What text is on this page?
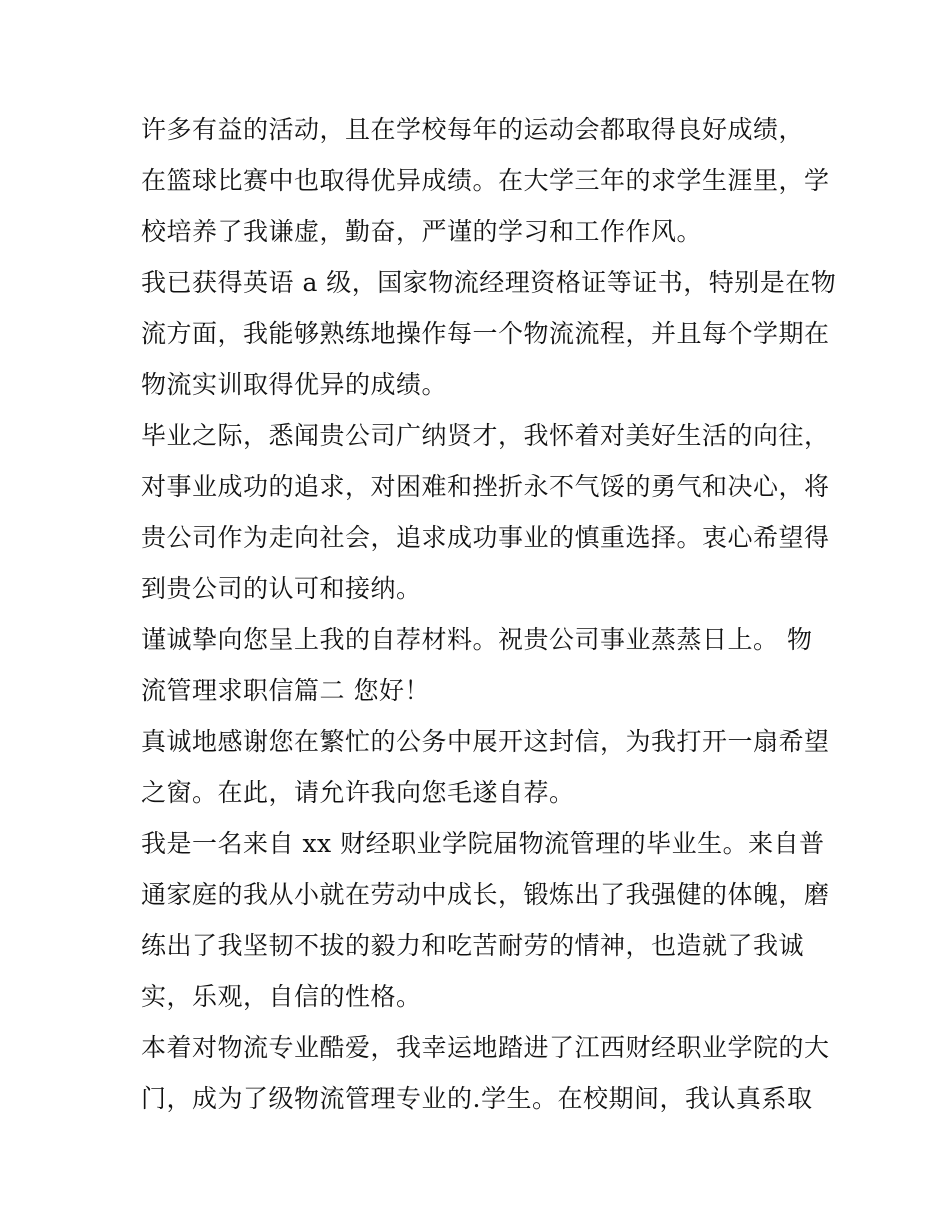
许多有益的活动，且在学校每年的运动会都取得良好成绩，
在篮球比赛中也取得优异成绩。在大学三年的求学生涯里，学
校培养了我谦虚，勤奋，严谨的学习和工作作风。
我已获得英语 a 级，国家物流经理资格证等证书，特别是在物
流方面，我能够熟练地操作每一个物流流程，并且每个学期在
物流实训取得优异的成绩。
毕业之际，悉闻贵公司广纳贤才，我怀着对美好生活的向往，
对事业成功的追求，对困难和挫折永不气馁的勇气和决心，将
贵公司作为走向社会，追求成功事业的慎重选择。衷心希望得
到贵公司的认可和接纳。
谨诚挚向您呈上我的自荐材料。祝贵公司事业蒸蒸日上。 物
流管理求职信篇二 您好！
真诚地感谢您在繁忙的公务中展开这封信，为我打开一扇希望
之窗。在此，请允许我向您毛遂自荐。
我是一名来自 xx 财经职业学院届物流管理的毕业生。来自普
通家庭的我从小就在劳动中成长，锻炼出了我强健的体魄，磨
练出了我坚韧不拔的毅力和吃苦耐劳的情神，也造就了我诚
实，乐观，自信的性格。
本着对物流专业酷爱，我幸运地踏进了江西财经职业学院的大
门，成为了级物流管理专业的.学生。在校期间，我认真系取
